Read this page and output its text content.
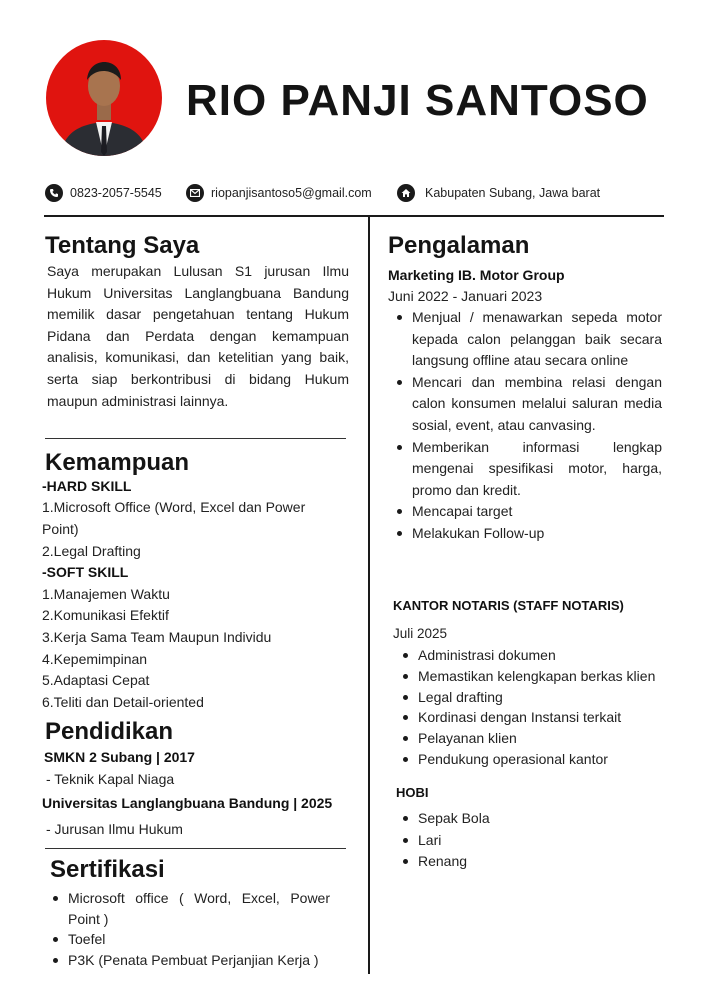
RIO PANJI SANTOSO
0823-2057-5545	riopanjisantoso5@gmail.com	Kabupaten Subang, Jawa barat
Tentang Saya
Saya merupakan Lulusan S1 jurusan Ilmu Hukum Universitas Langlangbuana Bandung memilik dasar pengetahuan tentang Hukum Pidana dan Perdata dengan kemampuan analisis, komunikasi, dan ketelitian yang baik, serta siap berkontribusi di bidang Hukum maupun administrasi lainnya.
Kemampuan
-HARD SKILL
1.Microsoft Office (Word, Excel dan Power
Point)
2.Legal Drafting
-SOFT SKILL
1.Manajemen Waktu
2.Komunikasi Efektif
3.Kerja Sama Team Maupun Individu
4.Kepemimpinan
5.Adaptasi Cepat
6.Teliti dan Detail-oriented
Pendidikan
SMKN 2 Subang | 2017
- Teknik Kapal Niaga
Universitas Langlangbuana Bandung | 2025
- Jurusan Ilmu Hukum
Sertifikasi
Microsoft office ( Word, Excel, Power Point )
Toefel
P3K (Penata Pembuat Perjanjian Kerja )
Pengalaman
Marketing IB. Motor Group
Juni 2022 - Januari 2023
Menjual / menawarkan sepeda motor kepada calon pelanggan baik secara langsung offline atau secara online
Mencari dan membina relasi dengan calon konsumen melalui saluran media sosial, event, atau canvasing.
Memberikan informasi lengkap mengenai spesifikasi motor, harga, promo dan kredit.
Mencapai target
Melakukan Follow-up
KANTOR NOTARIS (STAFF NOTARIS)
Juli 2025
Administrasi dokumen
Memastikan kelengkapan berkas klien
Legal drafting
Kordinasi dengan Instansi terkait
Pelayanan klien
Pendukung operasional kantor
HOBI
Sepak Bola
Lari
Renang
